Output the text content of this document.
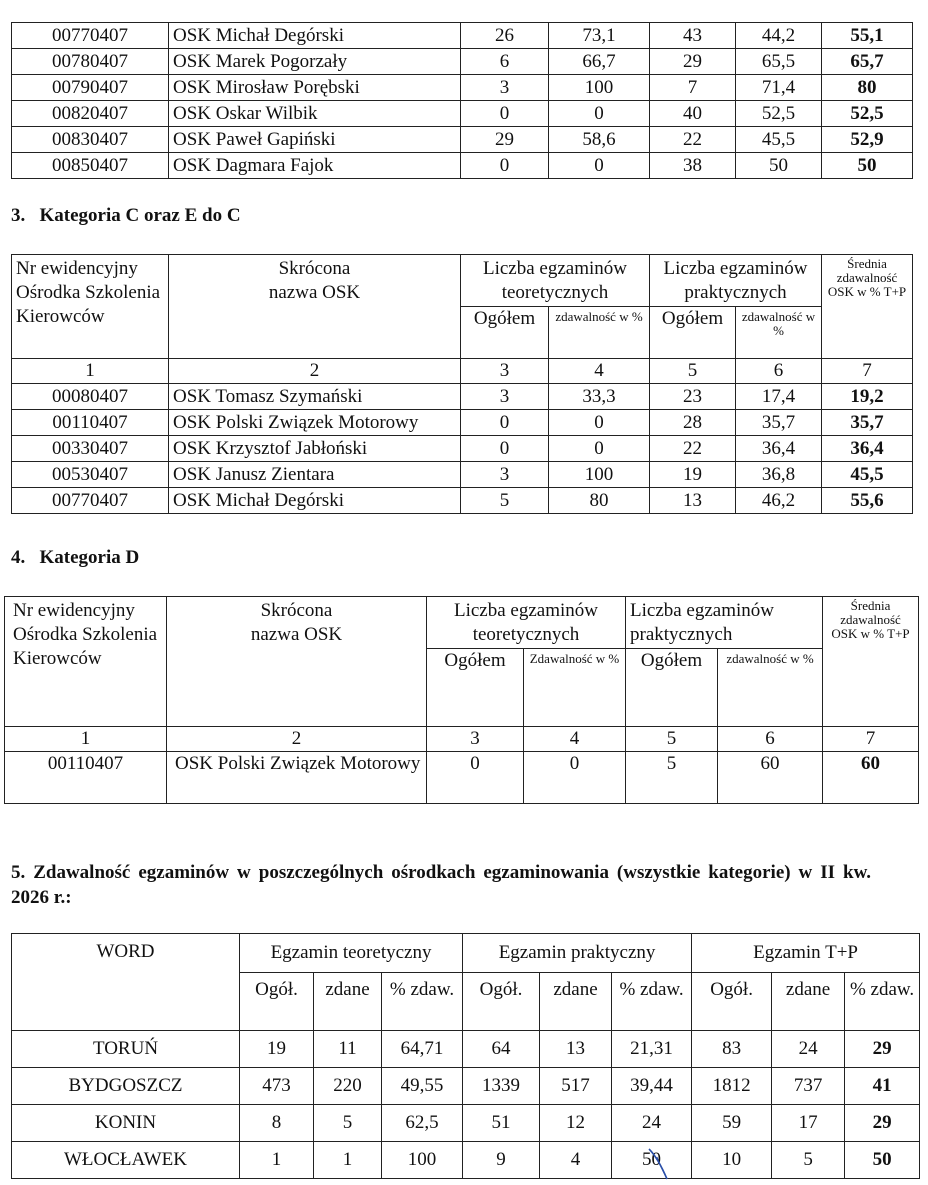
00770407	OSK Michał Degórski	26	73,1	43	44,2	55,1
00780407	OSK Marek Pogorzały	6	66,7	29	65,5	65,7
00790407	OSK Mirosław Porębski	3	100	7	71,4	80
00820407	OSK Oskar Wilbik	0	0	40	52,5	52,5
00830407	OSK Paweł Gapiński	29	58,6	22	45,5	52,9
00850407	OSK Dagmara Fajok	0	0	38	50	50
3.   Kategoria C oraz E do C
Nr ewidencyjny Ośrodka Szkolenia Kierowców	Skrócona nazwa OSK	Liczba egzaminów teoretycznych		Liczba egzaminów praktycznych		Średnia zdawalność OSK w % T+P
		Ogółem	zdawalność w %	Ogółem	zdawalność w %	
1	2	3	4	5	6	7
00080407	OSK Tomasz Szymański	3	33,3	23	17,4	19,2
00110407	OSK Polski Związek Motorowy	0	0	28	35,7	35,7
00330407	OSK Krzysztof Jabłoński	0	0	22	36,4	36,4
00530407	OSK Janusz Zientara	3	100	19	36,8	45,5
00770407	OSK Michał Degórski	5	80	13	46,2	55,6
4.   Kategoria D
Nr ewidencyjny Ośrodka Szkolenia Kierowców	Skrócona nazwa OSK	Liczba egzaminów teoretycznych		Liczba egzaminów praktycznych		Średnia zdawalność OSK w % T+P
		Ogółem	Zdawalność w %	Ogółem	zdawalność w %	
1	2	3	4	5	6	7
00110407	OSK Polski Związek Motorowy	0	0	5	60	60
5. Zdawalność egzaminów w poszczególnych ośrodkach egzaminowania (wszystkie kategorie) w II kw. 2026 r.:
WORD	Egzamin teoretyczny			Egzamin praktyczny			Egzamin T+P		
	Ogół.	zdane	% zdaw.	Ogół.	zdane	% zdaw.	Ogół.	zdane	% zdaw.
TORUŃ	19	11	64,71	64	13	21,31	83	24	29
BYDGOSZCZ	473	220	49,55	1339	517	39,44	1812	737	41
KONIN	8	5	62,5	51	12	24	59	17	29
WŁOCŁAWEK	1	1	100	9	4	50	10	5	50
